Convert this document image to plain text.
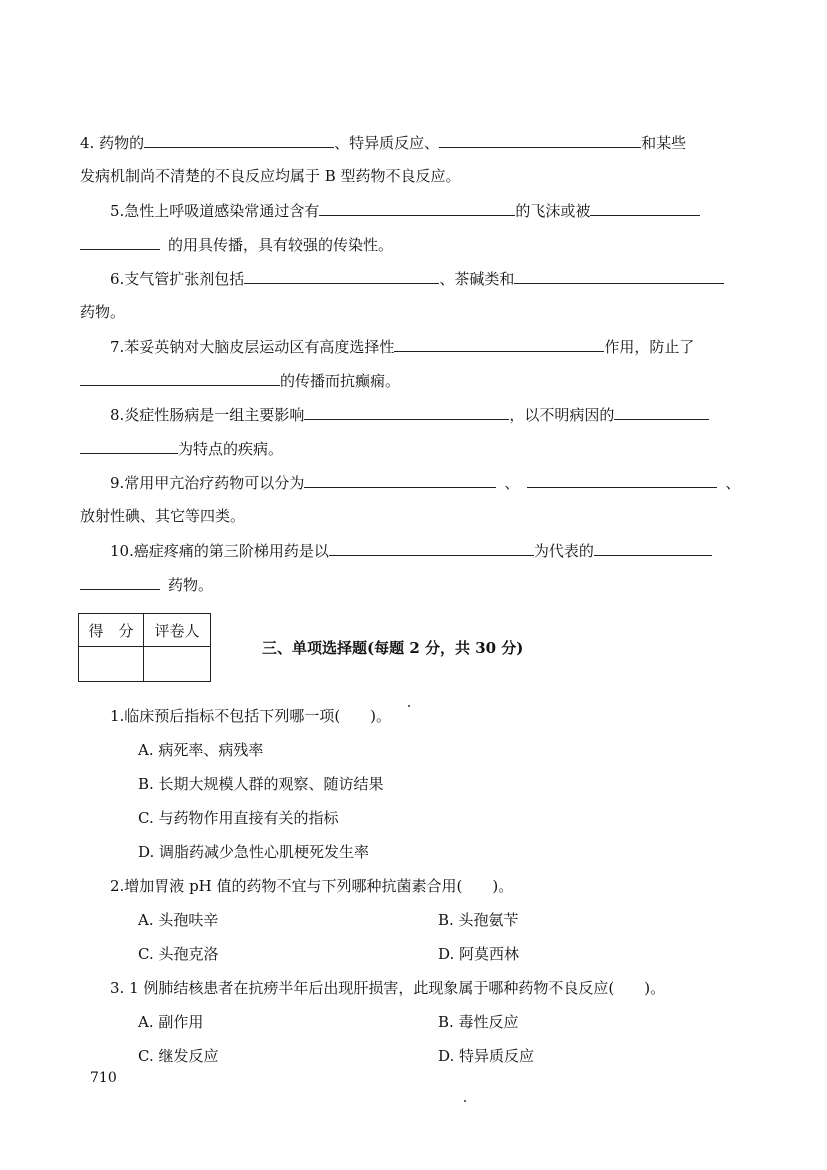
4. 药物的	、特异质反应、	和某些
发病机制尚不清楚的不良反应均属于 B 型药物不良反应。
5.急性上呼吸道感染常通过含有	的飞沫或被
的用具传播，具有较强的传染性。
6.支气管扩张剂包括	、茶碱类和
药物。
7.苯妥英钠对大脑皮层运动区有高度选择性	作用，防止了
的传播而抗癫痫。
8.炎症性肠病是一组主要影响	，以不明病因的
为特点的疾病。
9.常用甲亢治疗药物可以分为	、	、
放射性碘、其它等四类。
10.癌症疼痛的第三阶梯用药是以	为代表的
药物。
得　分	评卷人

三、单项选择题(每题 2 分，共 30 分)
1.临床预后指标不包括下列哪一项(　　)。
A. 病死率、病残率
B. 长期大规模人群的观察、随访结果
C. 与药物作用直接有关的指标
D. 调脂药减少急性心肌梗死发生率
2.增加胃液 pH 值的药物不宜与下列哪种抗菌素合用(　　)。
A. 头孢呋辛	B. 头孢氨苄
C. 头孢克洛	D. 阿莫西林
3. 1 例肺结核患者在抗痨半年后出现肝损害，此现象属于哪种药物不良反应(　　)。
A. 副作用	B. 毒性反应
C. 继发反应	D. 特异质反应
710
